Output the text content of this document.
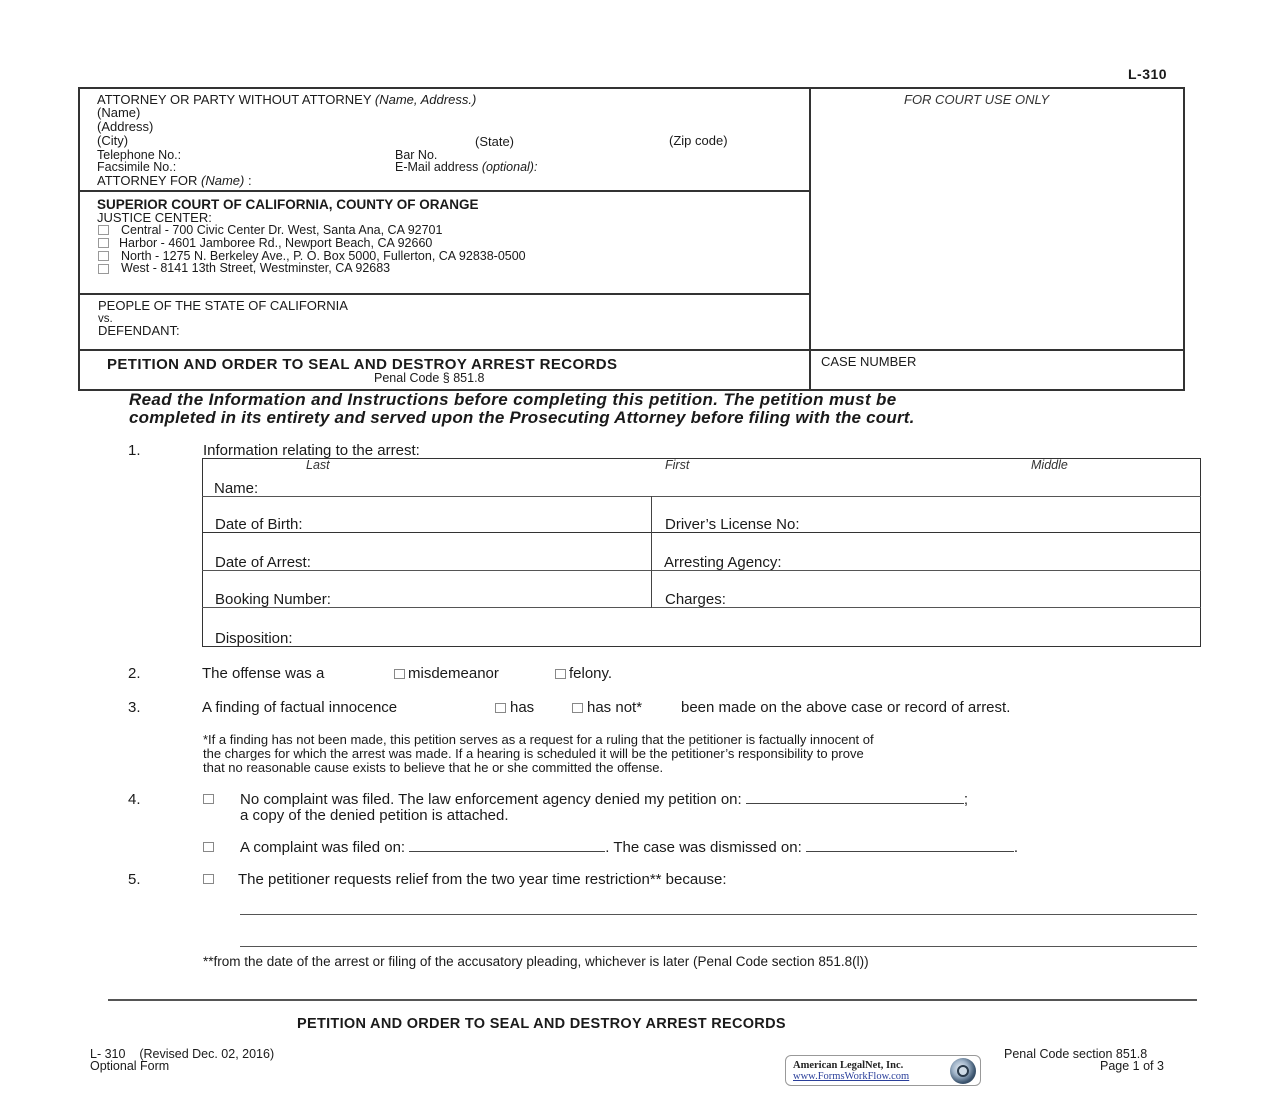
L-310
ATTORNEY OR PARTY WITHOUT ATTORNEY (Name, Address.)
(Name)
(Address)
(City)	(State)	(Zip code)
Telephone No.:	Bar No.
Facsimile No.:	E-Mail address (optional):
ATTORNEY FOR (Name) :
FOR COURT USE ONLY
SUPERIOR COURT OF CALIFORNIA, COUNTY OF ORANGE
JUSTICE CENTER:
Central - 700 Civic Center Dr. West, Santa Ana, CA 92701
Harbor - 4601 Jamboree Rd., Newport Beach, CA 92660
North - 1275 N. Berkeley Ave., P. O. Box 5000, Fullerton, CA 92838-0500
West - 8141 13th Street, Westminster, CA 92683
PEOPLE OF THE STATE OF CALIFORNIA
vs.
DEFENDANT:
PETITION AND ORDER TO SEAL AND DESTROY ARREST RECORDS
Penal Code § 851.8
CASE NUMBER
Read the Information and Instructions before completing this petition. The petition must be
completed in its entirety and served upon the Prosecuting Attorney before filing with the court.
1.	Information relating to the arrest:
Last	First	Middle
Name:
Date of Birth:	Driver’s License No:
Date of Arrest:	Arresting Agency:
Booking Number:	Charges:
Disposition:
2.	The offense was a	misdemeanor	felony.
3.	A finding of factual innocence	has	has not*	been made on the above case or record of arrest.
*If a finding has not been made, this petition serves as a request for a ruling that the petitioner is factually innocent of
the charges for which the arrest was made. If a hearing is scheduled it will be the petitioner’s responsibility to prove
that no reasonable cause exists to believe that he or she committed the offense.
4.	No complaint was filed. The law enforcement agency denied my petition on:	;
a copy of the denied petition is attached.
A complaint was filed on:	. The case was dismissed on:	.
5.	The petitioner requests relief from the two year time restriction** because:
**from the date of the arrest or filing of the accusatory pleading, whichever is later (Penal Code section 851.8(l))
PETITION AND ORDER TO SEAL AND DESTROY ARREST RECORDS
L- 310    (Revised Dec. 02, 2016)
Optional Form	American LegalNet, Inc.
www.FormsWorkFlow.com
Penal Code section 851.8
Page 1 of 3
